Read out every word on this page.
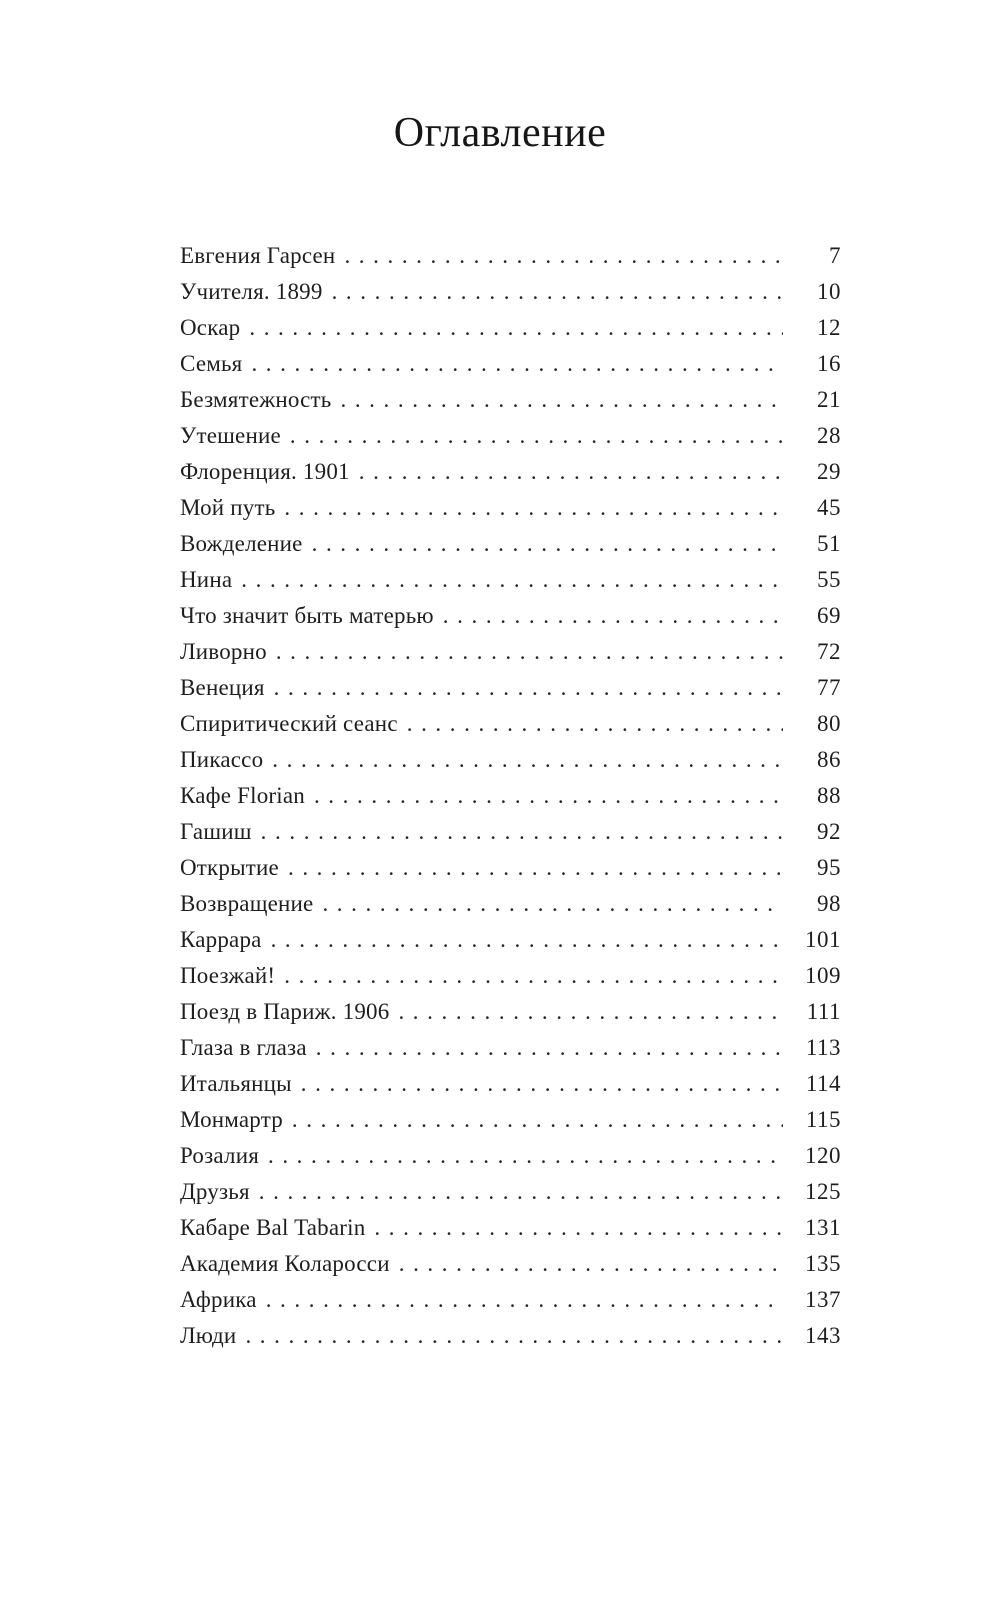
Оглавление
Евгения Гарсен .....	7
Учителя. 1899 .....	10
Оскар .....	12
Семья .....	16
Безмятежность .....	21
Утешение .....	28
Флоренция. 1901 .....	29
Мой путь .....	45
Вожделение .....	51
Нина .....	55
Что значит быть матерью .....	69
Ливорно .....	72
Венеция .....	77
Спиритический сеанс .....	80
Пикассо .....	86
Кафе Florian .....	88
Гашиш .....	92
Открытие .....	95
Возвращение .....	98
Каррара .....	101
Поезжай! .....	109
Поезд в Париж. 1906 .....	111
Глаза в глаза .....	113
Итальянцы .....	114
Монмартр .....	115
Розалия .....	120
Друзья .....	125
Кабаре Bal Tabarin .....	131
Академия Коларосси .....	135
Африка .....	137
Люди .....	143
